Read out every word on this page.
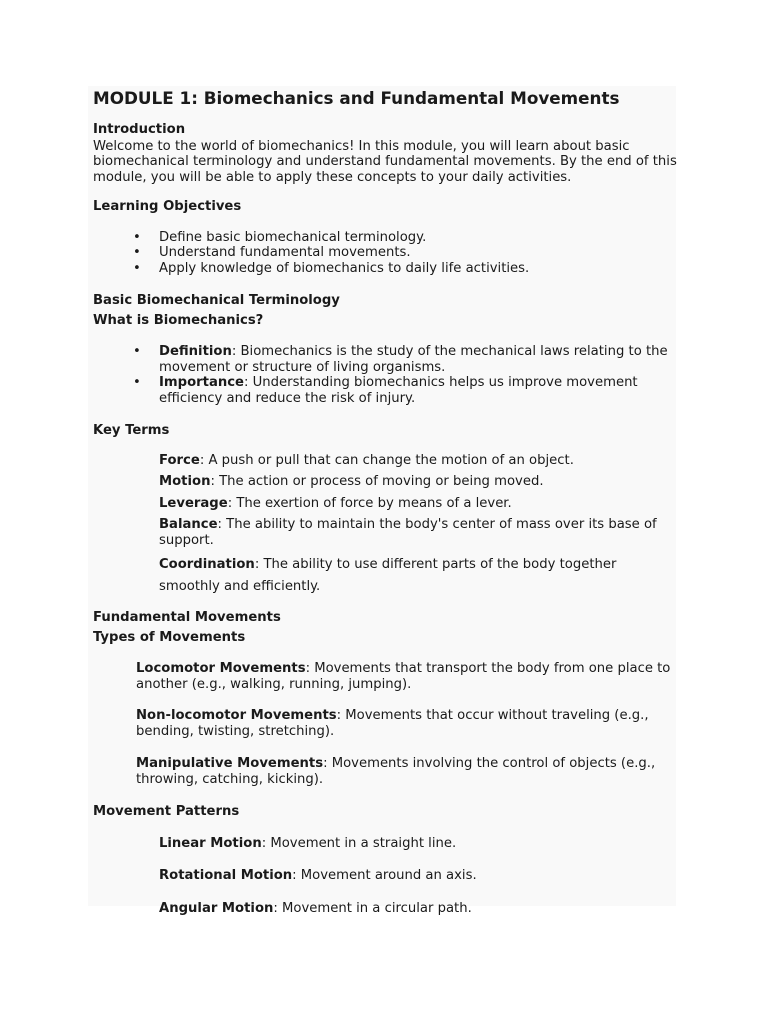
MODULE 1: Biomechanics and Fundamental Movements

Introduction

Welcome to the world of biomechanics! In this module, you will learn about basic biomechanical terminology and understand fundamental movements. By the end of this module, you will be able to apply these concepts to your daily activities.

Learning Objectives

• Define basic biomechanical terminology.
• Understand fundamental movements.
• Apply knowledge of biomechanics to daily life activities.

Basic Biomechanical Terminology

What is Biomechanics?

• Definition: Biomechanics is the study of the mechanical laws relating to the movement or structure of living organisms.
• Importance: Understanding biomechanics helps us improve movement efficiency and reduce the risk of injury.

Key Terms

Force: A push or pull that can change the motion of an object.

Motion: The action or process of moving or being moved.

Leverage: The exertion of force by means of a lever.

Balance: The ability to maintain the body's center of mass over its base of support.

Coordination: The ability to use different parts of the body together smoothly and efficiently.

Fundamental Movements

Types of Movements

Locomotor Movements: Movements that transport the body from one place to another (e.g., walking, running, jumping).

Non-locomotor Movements: Movements that occur without traveling (e.g., bending, twisting, stretching).

Manipulative Movements: Movements involving the control of objects (e.g., throwing, catching, kicking).

Movement Patterns

Linear Motion: Movement in a straight line.

Rotational Motion: Movement around an axis.

Angular Motion: Movement in a circular path.
